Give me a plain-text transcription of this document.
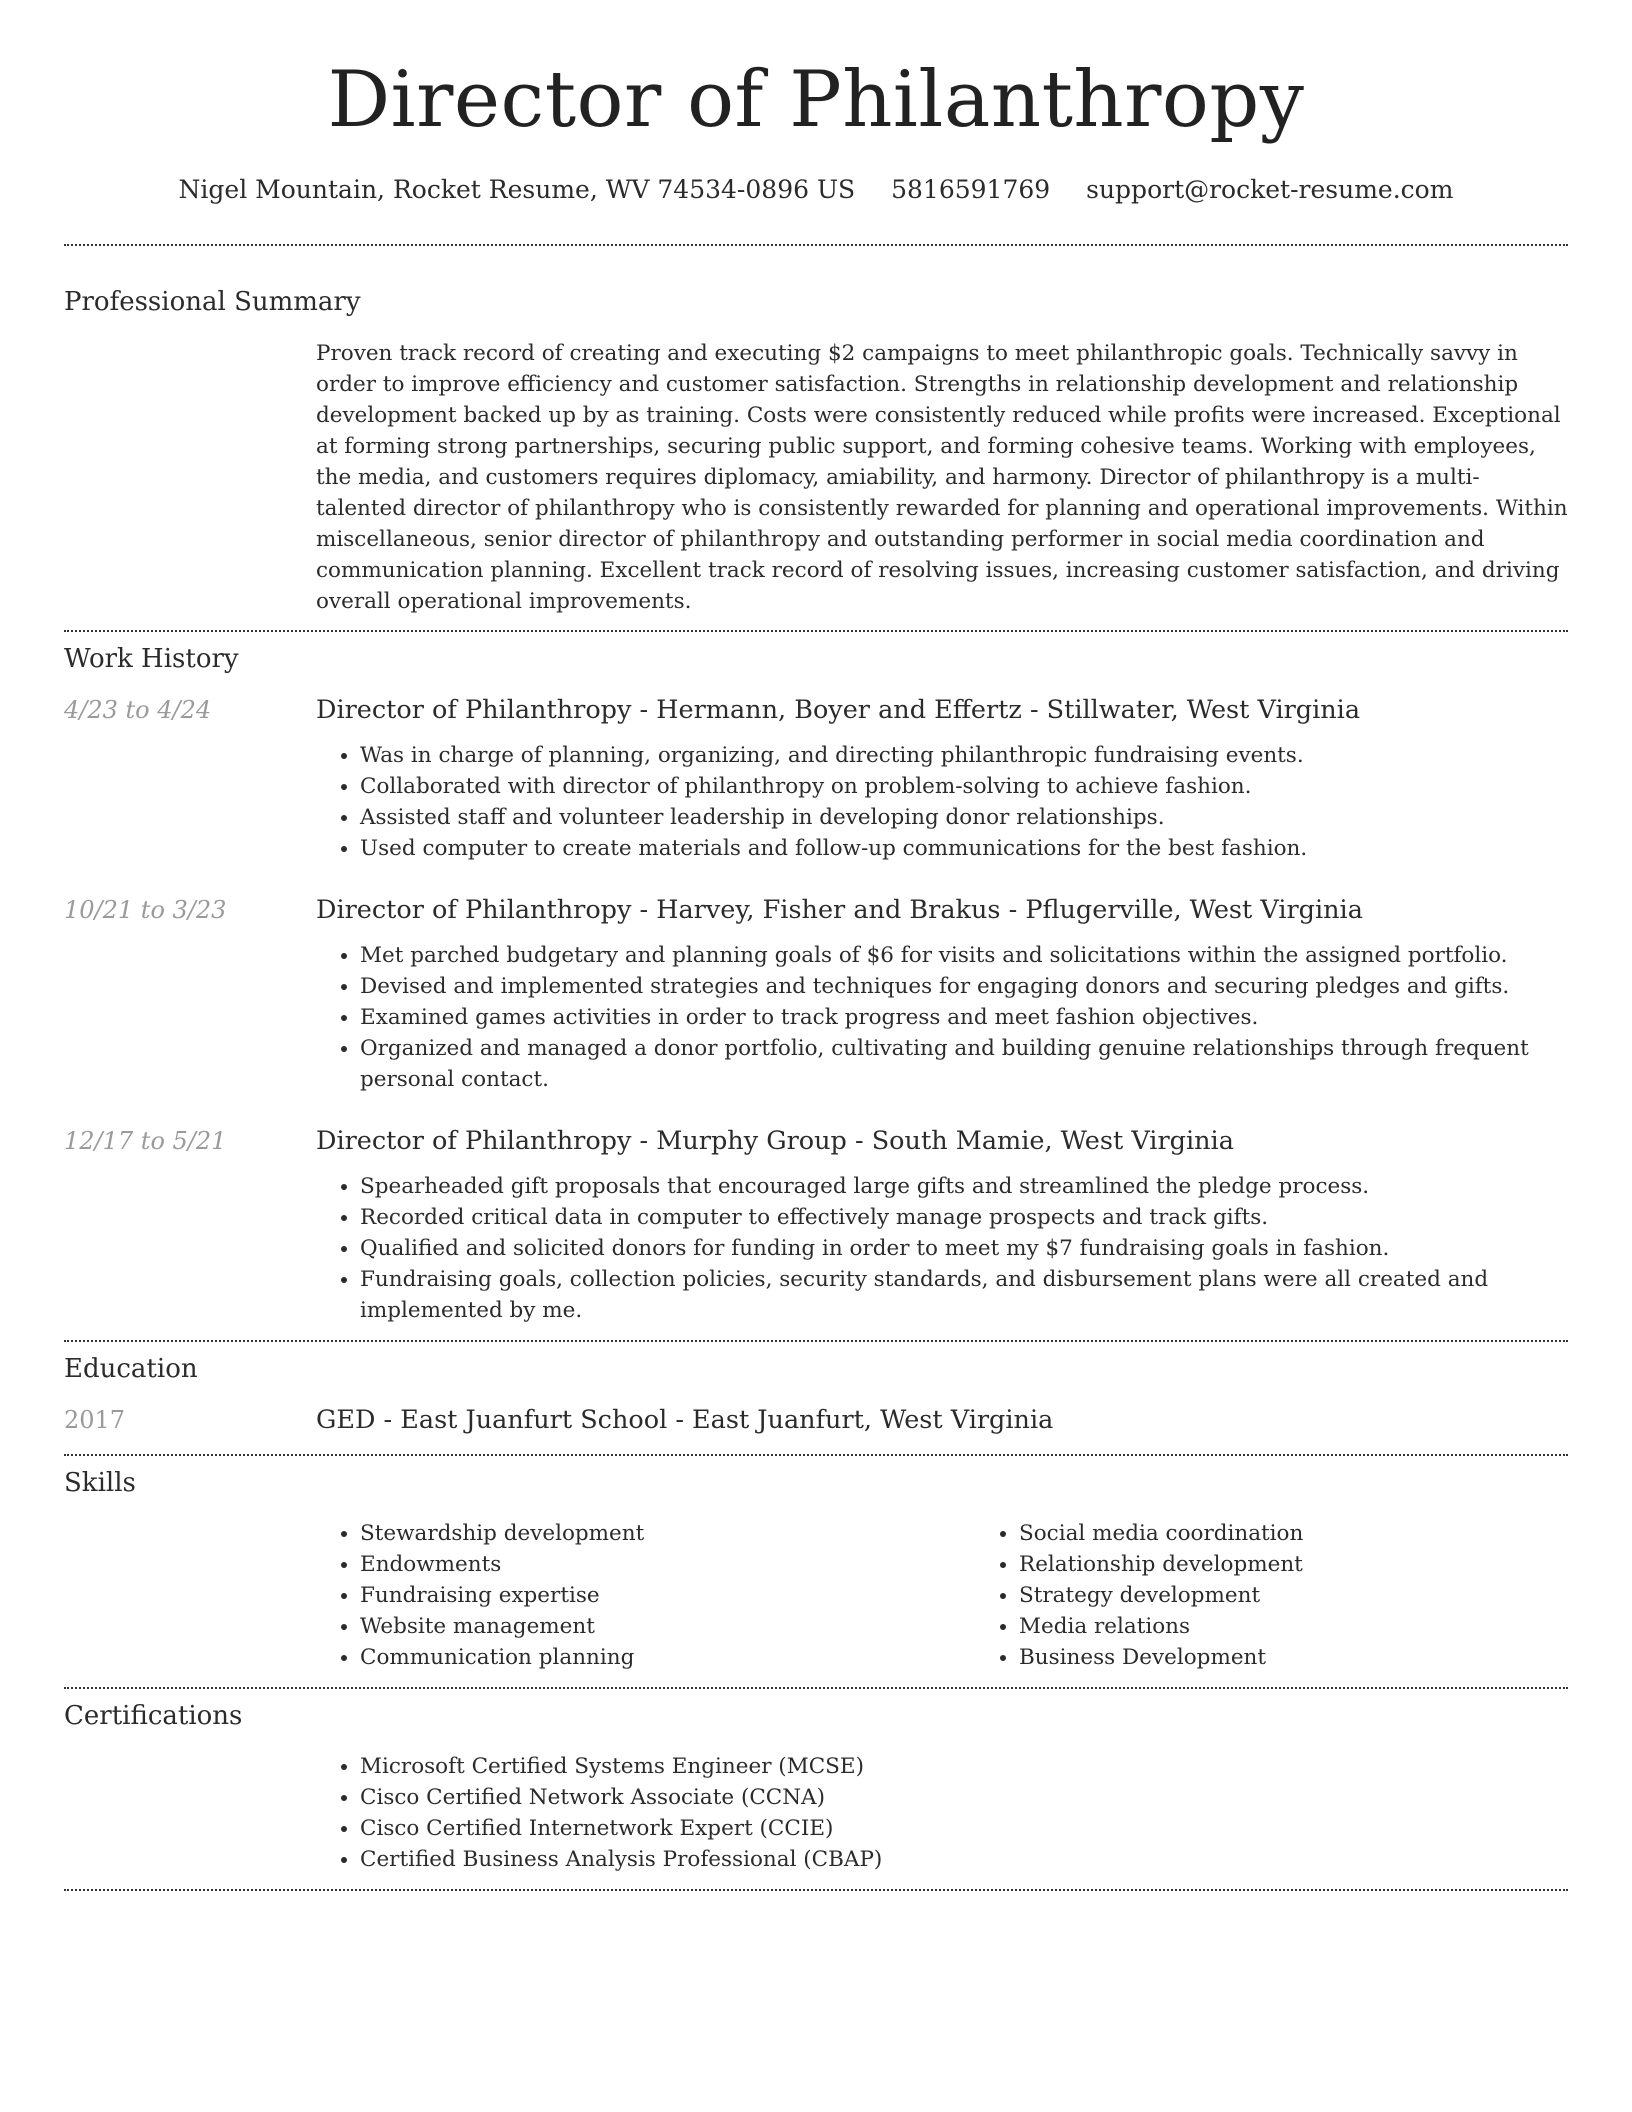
Director of Philanthropy
Nigel Mountain, Rocket Resume, WV 74534-0896 US 5816591769 support@rocket-resume.com
Professional Summary

Proven track record of creating and executing $2 campaigns to meet philanthropic goals. Technically savvy in order to improve efficiency and customer satisfaction. Strengths in relationship development and relationship development backed up by as training. Costs were consistently reduced while profits were increased. Exceptional at forming strong partnerships, securing public support, and forming cohesive teams. Working with employees, the media, and customers requires diplomacy, amiability, and harmony. Director of philanthropy is a multi-talented director of philanthropy who is consistently rewarded for planning and operational improvements. Within miscellaneous, senior director of philanthropy and outstanding performer in social media coordination and communication planning. Excellent track record of resolving issues, increasing customer satisfaction, and driving overall operational improvements.

Work History
4/23 to 4/24	Director of Philanthropy - Hermann, Boyer and Effertz - Stillwater, West Virginia
• Was in charge of planning, organizing, and directing philanthropic fundraising events.
• Collaborated with director of philanthropy on problem-solving to achieve fashion.
• Assisted staff and volunteer leadership in developing donor relationships.
• Used computer to create materials and follow-up communications for the best fashion.
10/21 to 3/23	Director of Philanthropy - Harvey, Fisher and Brakus - Pflugerville, West Virginia
• Met parched budgetary and planning goals of $6 for visits and solicitations within the assigned portfolio.
• Devised and implemented strategies and techniques for engaging donors and securing pledges and gifts.
• Examined games activities in order to track progress and meet fashion objectives.
• Organized and managed a donor portfolio, cultivating and building genuine relationships through frequent personal contact.
12/17 to 5/21	Director of Philanthropy - Murphy Group - South Mamie, West Virginia
• Spearheaded gift proposals that encouraged large gifts and streamlined the pledge process.
• Recorded critical data in computer to effectively manage prospects and track gifts.
• Qualified and solicited donors for funding in order to meet my $7 fundraising goals in fashion.
• Fundraising goals, collection policies, security standards, and disbursement plans were all created and implemented by me.
Education
2017	GED - East Juanfurt School - East Juanfurt, West Virginia
Skills
• Stewardship development
• Endowments
• Fundraising expertise
• Website management
• Communication planning
• Social media coordination
• Relationship development
• Strategy development
• Media relations
• Business Development
Certifications
• Microsoft Certified Systems Engineer (MCSE)
• Cisco Certified Network Associate (CCNA)
• Cisco Certified Internetwork Expert (CCIE)
• Certified Business Analysis Professional (CBAP)
